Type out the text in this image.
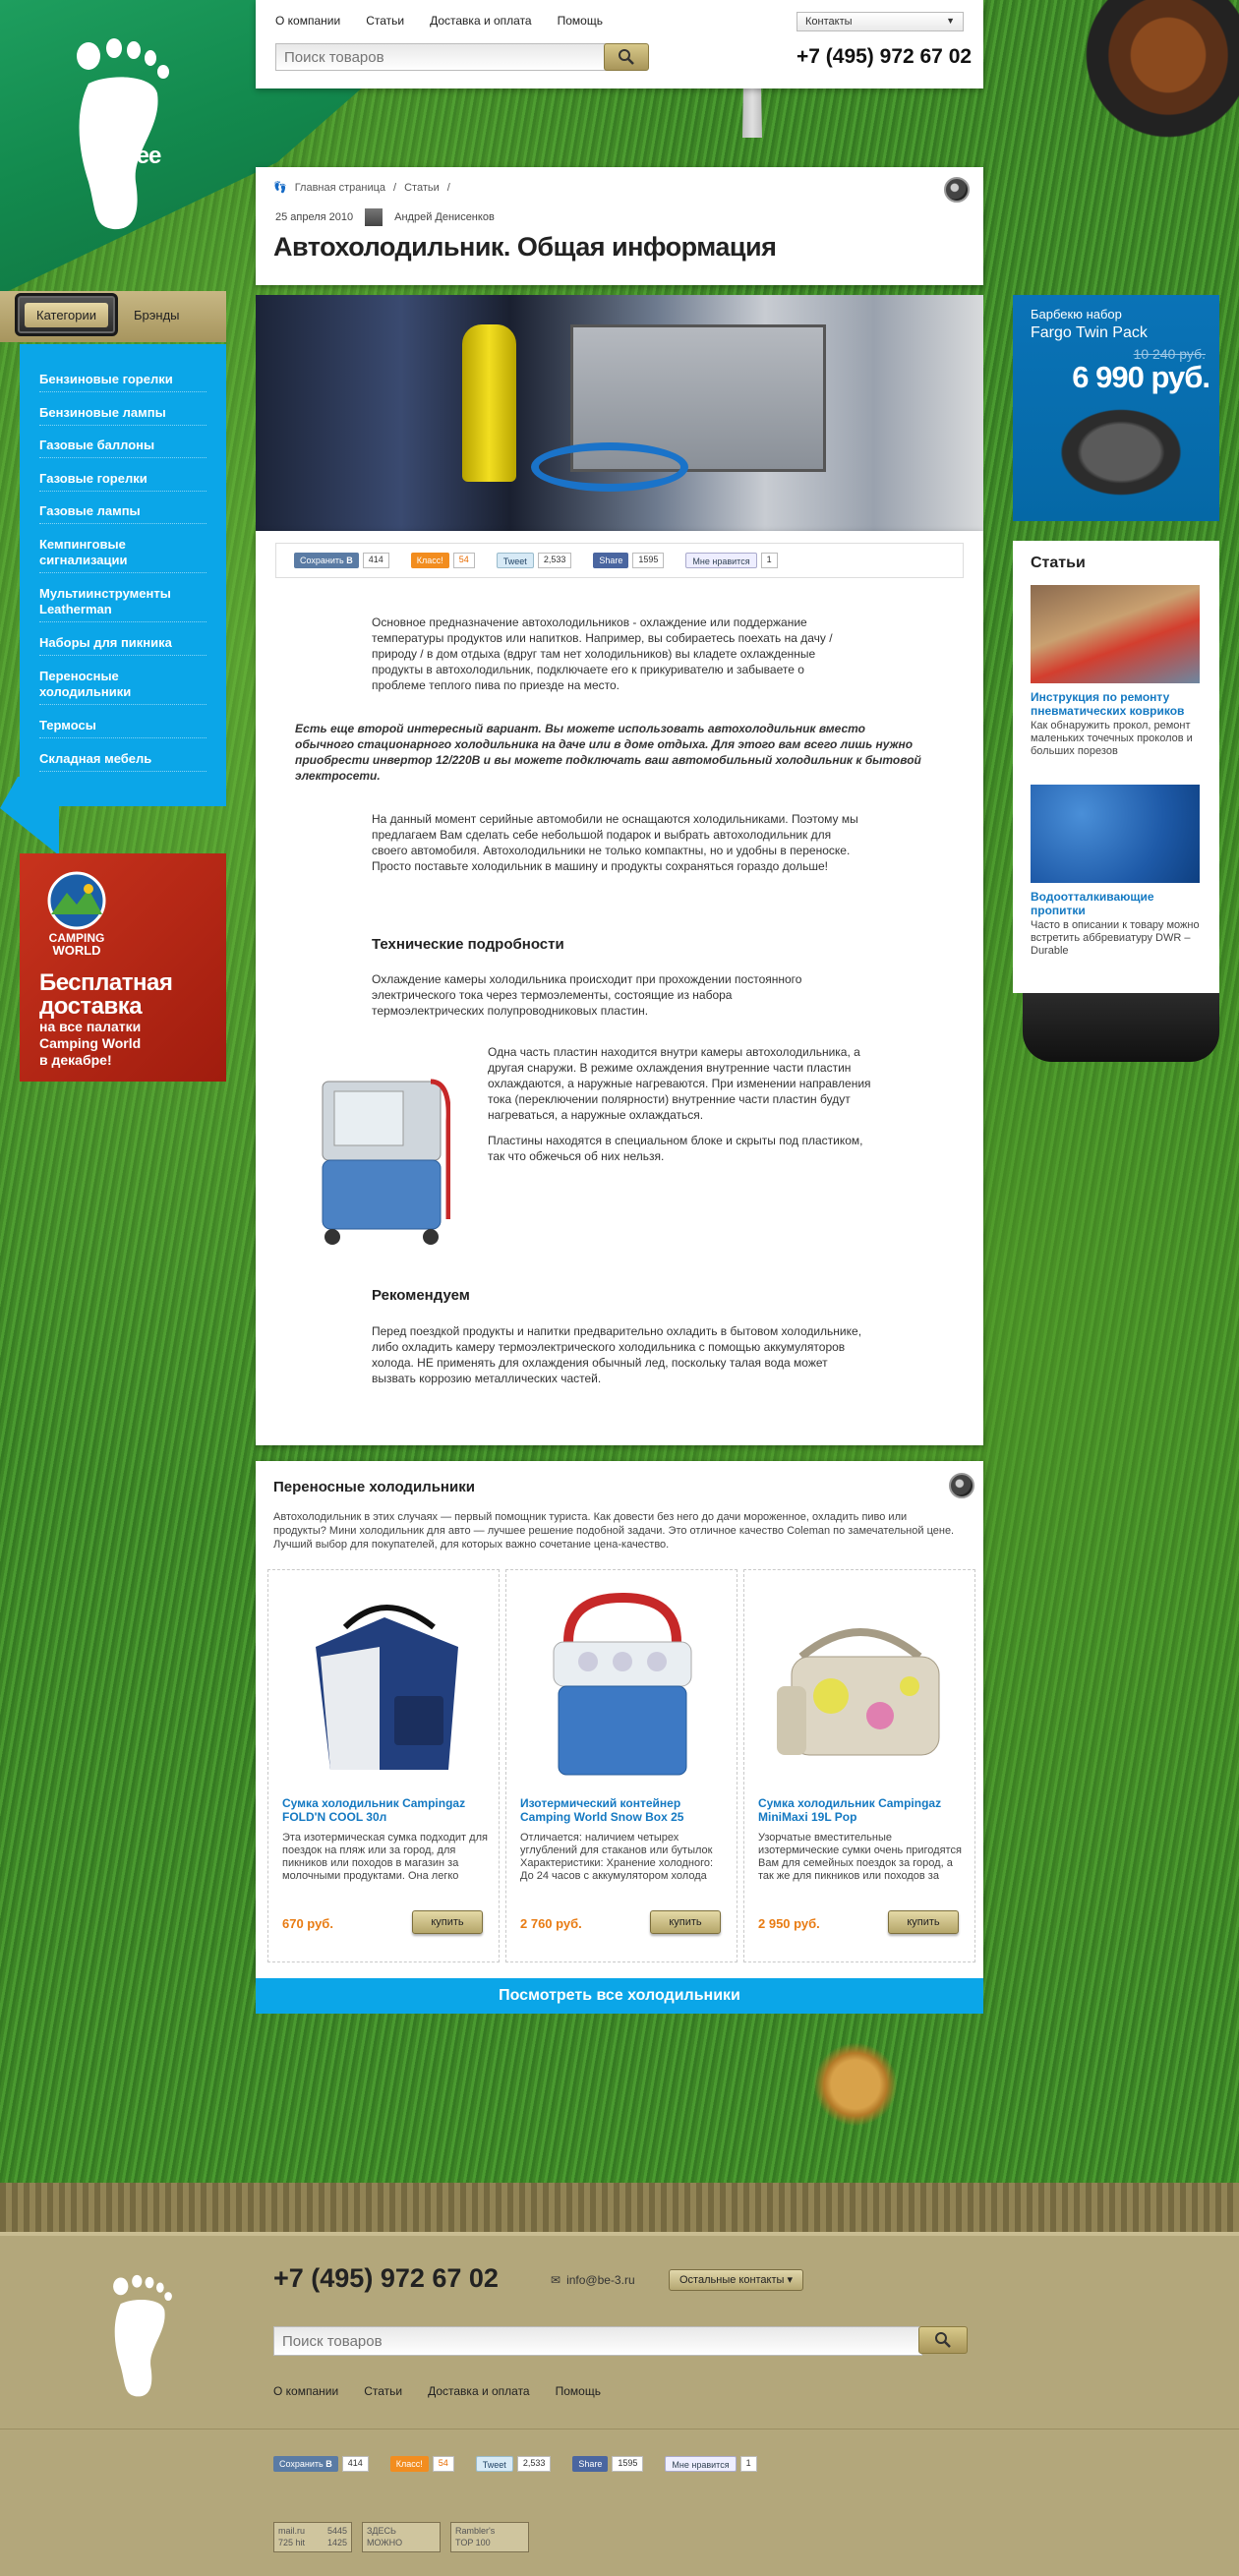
BeFree
О компании Статьи Доставка и оплата Помощь	Контакты	▼
Поиск товаров
+7 (495) 972 67 02
👣 Главная страница / Статьи /
25 апреля 2010	Андрей Денисенков
Автохолодильник. Общая информация
Сохранить B	414	Класс!	54	Tweet	2,533	Share	1595	Мне нравится	1

Основное предназначение автохолодильников - охлаждение или поддержание температуры продуктов или напитков. Например, вы собираетесь поехать на дачу / природу / в дом отдыха (вдруг там нет холодильников) вы кладете охлажденные продукты в автохолодильник, подключаете его к прикуривателю и забываете о проблеме теплого пива по приезде на место.

Есть еще второй интересный вариант. Вы можете использовать автохолодильник вместо обычного стационарного холодильника на даче или в доме отдыха. Для этого вам всего лишь нужно приобрести инвертор 12/220В и вы можете подключать ваш автомобильный холодильник к бытовой электросети.

На данный момент серийные автомобили не оснащаются холодильниками. Поэтому мы предлагаем Вам сделать себе небольшой подарок и выбрать автохолодильник для своего автомобиля. Автохолодильники не только компактны, но и удобны в переноске. Просто поставьте холодильник в машину и продукты сохраняться гораздо дольше!

Технические подробности

Охлаждение камеры холодильника происходит при прохождении постоянного электрического тока через термоэлементы, состоящие из набора термоэлектрических полупроводниковых пластин.

Одна часть пластин находится внутри камеры автохолодильника, а другая снаружи. В режиме охлаждения внутренние части пластин охлаждаются, а наружные нагреваются. При изменении направления тока (переключении полярности) внутренние части пластин будут нагреваться, а наружные охлаждаться.

Пластины находятся в специальном блоке и скрыты под пластиком, так что обжечься об них нельзя.

Рекомендуем

Перед поездкой продукты и напитки предварительно охладить в бытовом холодильнике, либо охладить камеру термоэлектрического холодильника с помощью аккумуляторов холода. НЕ применять для охлаждения обычный лед, поскольку талая вода может вызвать коррозию металлических частей.

Переносные холодильники

Автохолодильник в этих случаях — первый помощник туриста. Как довести без него до дачи мороженное, охладить пиво или продукты? Мини холодильник для авто — лучшее решение подобной задачи. Это отличное качество Coleman по замечательной цене. Лучший выбор для покупателей, для которых важно сочетание цена-качество.

Сумка холодильник Campingaz FOLD'N COOL 30л

Эта изотермическая сумка подходит для поездок на пляж или за город, для пикников или походов в магазин за молочными продуктами. Она легко

670 руб.	купить
Изотермический контейнер Camping World Snow Box 25

Отличается: наличием четырех углублений для стаканов или бутылок Характеристики: Хранение холодного: До 24 часов с аккумулятором холода

2 760 руб.	купить
Сумка холодильник Campingaz MiniMaxi 19L Pop

Узорчатые вместительные изотермические сумки очень пригодятся Вам для семейных поездок за город, а так же для пикников или походов за

2 950 руб.	купить
Посмотреть все холодильники
Категории	Брэнды
Бензиновые горелки
Бензиновые лампы
Газовые баллоны
Газовые горелки
Газовые лампы
Кемпинговые сигнализации
Мультиинструменты Leatherman
Наборы для пикника
Переносные холодильники
Термосы
Складная мебель
CAMPING
WORLD
Бесплатная
доставка
на все палатки
Camping World
в декабре!
Барбекю набор
Fargo Twin Pack
10 240 руб.
6 990 руб.
Статьи
Инструкция по ремонту пневматических ковриков

Как обнаружить прокол, ремонт маленьких точечных проколов и больших порезов

Водоотталкивающие пропитки

Часто в описании к товару можно встретить аббревиатуру DWR – Durable

+7 (495) 972 67 02	✉ info@be-3.ru	Остальные контакты ▾
Поиск товаров
О компании Статьи Доставка и оплата Помощь
Сохранить B	414	Класс!	54	Tweet	2,533	Share	1595	Мне нравится	1
mail.ru	5445

725 hit	1425
ЗДЕСЬ
МОЖНО
Rambler's
TOP 100
